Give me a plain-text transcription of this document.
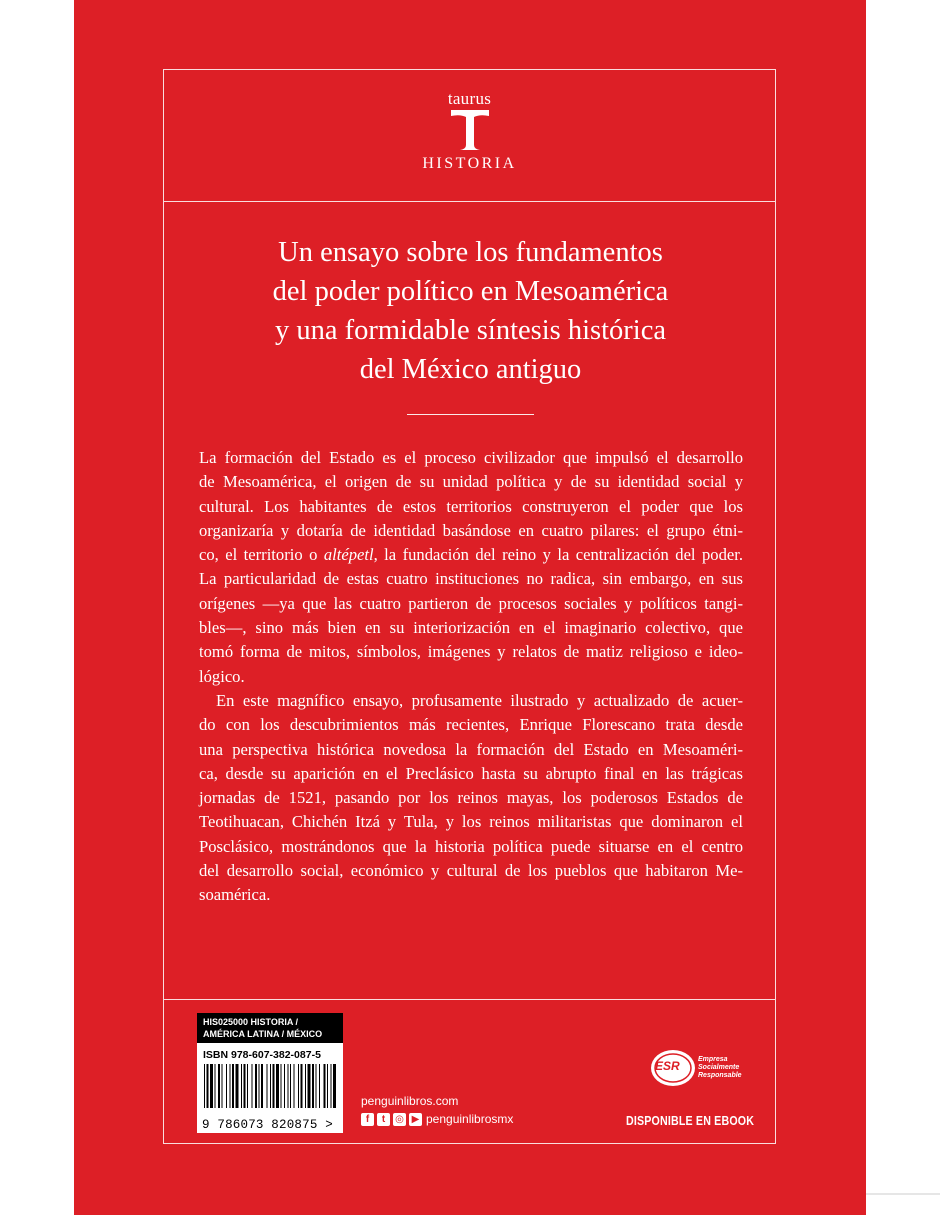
taurus
HISTORIA
Un ensayo sobre los fundamentos
del poder político en Mesoamérica
y una formidable síntesis histórica
del México antiguo
La formación del Estado es el proceso civilizador que impulsó el desarrollo
de Mesoamérica, el origen de su unidad política y de su identidad social y
cultural. Los habitantes de estos territorios construyeron el poder que los
organizaría y dotaría de identidad basándose en cuatro pilares: el grupo étni-
co, el territorio o altépetl, la fundación del reino y la centralización del poder.
La particularidad de estas cuatro instituciones no radica, sin embargo, en sus
orígenes —ya que las cuatro partieron de procesos sociales y políticos tangi-
bles—, sino más bien en su interiorización en el imaginario colectivo, que
tomó forma de mitos, símbolos, imágenes y relatos de matiz religioso e ideo-
lógico.
En este magnífico ensayo, profusamente ilustrado y actualizado de acuer-
do con los descubrimientos más recientes, Enrique Florescano trata desde
una perspectiva histórica novedosa la formación del Estado en Mesoaméri-
ca, desde su aparición en el Preclásico hasta su abrupto final en las trágicas
jornadas de 1521, pasando por los reinos mayas, los poderosos Estados de
Teotihuacan, Chichén Itzá y Tula, y los reinos militaristas que dominaron el
Posclásico, mostrándonos que la historia política puede situarse en el centro
del desarrollo social, económico y cultural de los pueblos que habitaron Me-
soamérica.
HIS025000 HISTORIA /
AMÉRICA LATINA / MÉXICO
ISBN 978-607-382-087-5
9 786073 820875 >
penguinlibros.com
f	t ◎ ▶ penguinlibrosmx
ESR	Empresa
Socialmente
Responsable
DISPONIBLE EN EBOOK
